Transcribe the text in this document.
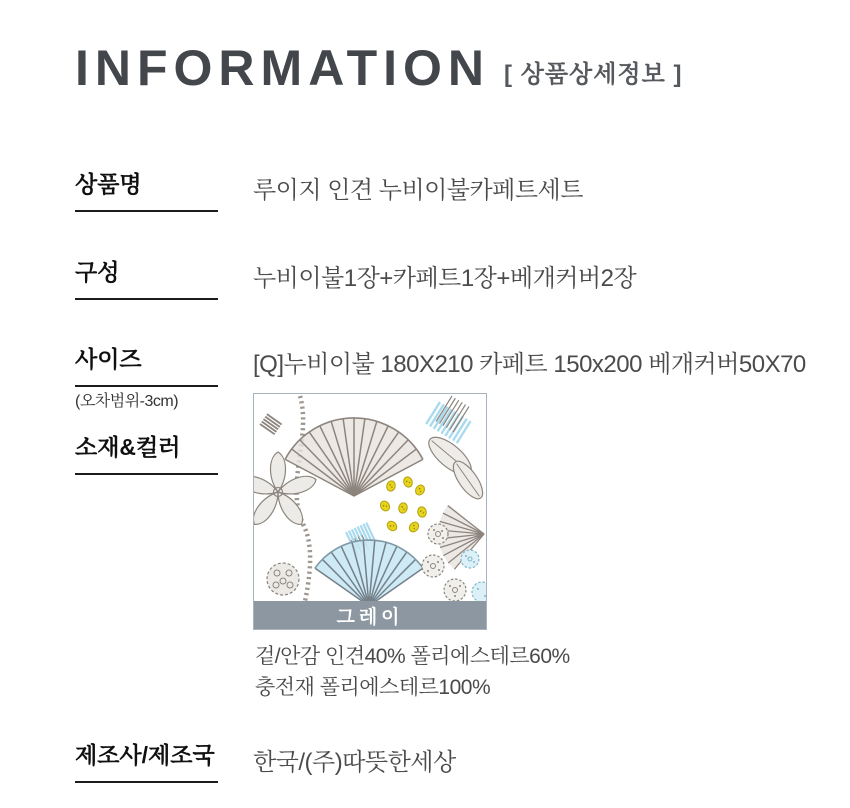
INFORMATION [ 상품상세정보 ]
상품명	루이지 인견 누비이불카페트세트
구성	누비이불1장+카페트1장+베개커버2장
사이즈
(오차범위-3cm)
[Q]누비이불 180X210 카페트 150x200 베개커버50X70
소재&컬러
그레이
겉/안감 인견40% 폴리에스테르60%
충전재 폴리에스테르100%
제조사/제조국 한국/(주)따뜻한세상
